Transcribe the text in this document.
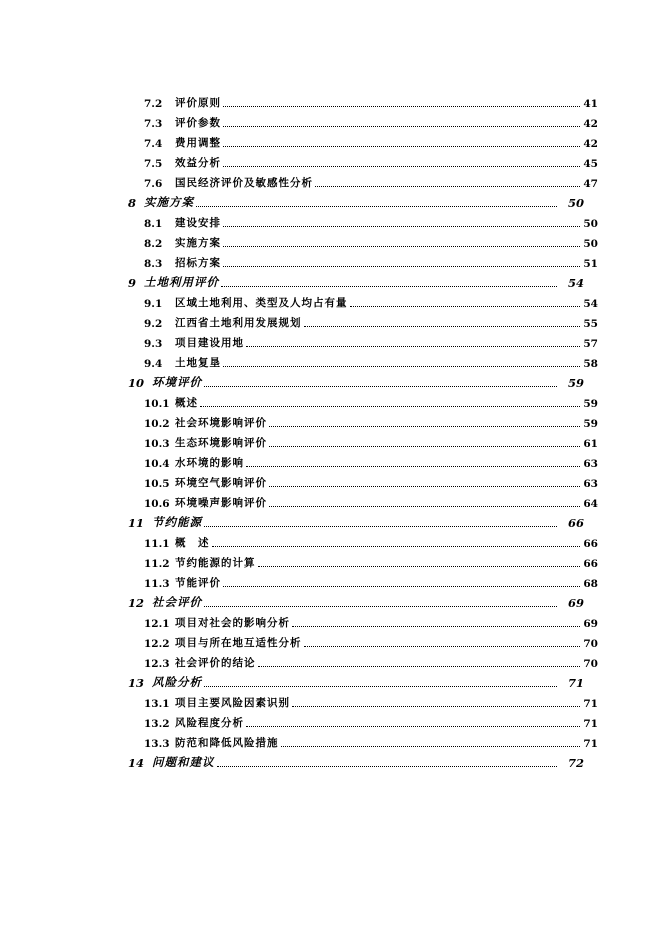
7.2	评价原则	41
7.3	评价参数	42
7.4	费用调整	42
7.5	效益分析	45
7.6	国民经济评价及敏感性分析	47
8 实施方案	50
8.1	建设安排	50
8.2	实施方案	50
8.3	招标方案	51
9 土地利用评价	54
9.1	区域土地利用、类型及人均占有量	54
9.2	江西省土地利用发展规划	55
9.3	项目建设用地	57
9.4	土地复垦	58
10 环境评价	59
10.1 概述	59
10.2 社会环境影响评价	59
10.3 生态环境影响评价	61
10.4 水环境的影响	63
10.5 环境空气影响评价	63
10.6 环境噪声影响评价	64
11 节约能源	66
11.1 概　述	66
11.2 节约能源的计算	66
11.3 节能评价	68
12 社会评价	69
12.1 项目对社会的影响分析	69
12.2 项目与所在地互适性分析	70
12.3 社会评价的结论	70
13 风险分析	71
13.1 项目主要风险因素识别	71
13.2 风险程度分析	71
13.3 防范和降低风险措施	71
14 问题和建议	72
